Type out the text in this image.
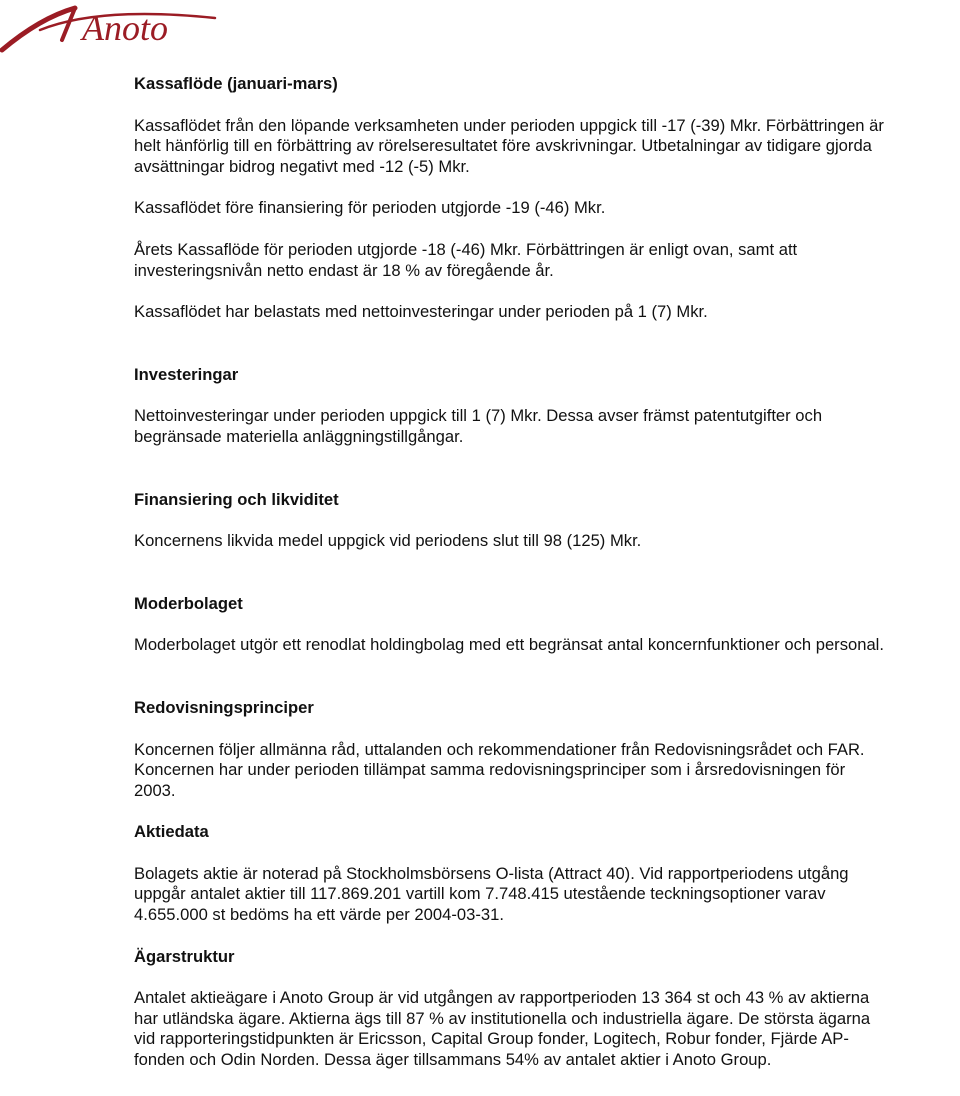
Anoto
Kassaflöde (januari-mars)

Kassaflödet från den löpande verksamheten under perioden uppgick till -17 (-39) Mkr. Förbättringen är
helt hänförlig till en förbättring av rörelseresultatet före avskrivningar. Utbetalningar av tidigare gjorda
avsättningar bidrog negativt med -12 (-5) Mkr.

Kassaflödet före finansiering för perioden utgjorde -19 (-46) Mkr.

Årets Kassaflöde för perioden utgjorde -18 (-46) Mkr. Förbättringen är enligt ovan, samt att
investeringsnivån netto endast är 18 % av föregående år.

Kassaflödet har belastats med nettoinvesteringar under perioden på 1 (7) Mkr.

Investeringar

Nettoinvesteringar under perioden uppgick till 1 (7) Mkr. Dessa avser främst patentutgifter och
begränsade materiella anläggningstillgångar.

Finansiering och likviditet

Koncernens likvida medel uppgick vid periodens slut till 98 (125) Mkr.

Moderbolaget

Moderbolaget utgör ett renodlat holdingbolag med ett begränsat antal koncernfunktioner och personal.

Redovisningsprinciper

Koncernen följer allmänna råd, uttalanden och rekommendationer från Redovisningsrådet och FAR.
Koncernen har under perioden tillämpat samma redovisningsprinciper som i årsredovisningen för
2003.

Aktiedata

Bolagets aktie är noterad på Stockholmsbörsens O-lista (Attract 40). Vid rapportperiodens utgång
uppgår antalet aktier till 117.869.201 vartill kom 7.748.415 utestående teckningsoptioner varav
4.655.000 st bedöms ha ett värde per 2004-03-31.

Ägarstruktur

Antalet aktieägare i Anoto Group är vid utgången av rapportperioden 13 364 st och 43 % av aktierna
har utländska ägare. Aktierna ägs till 87 % av institutionella och industriella ägare. De största ägarna
vid rapporteringstidpunkten är Ericsson, Capital Group fonder, Logitech, Robur fonder, Fjärde AP-
fonden och Odin Norden. Dessa äger tillsammans 54% av antalet aktier i Anoto Group.
